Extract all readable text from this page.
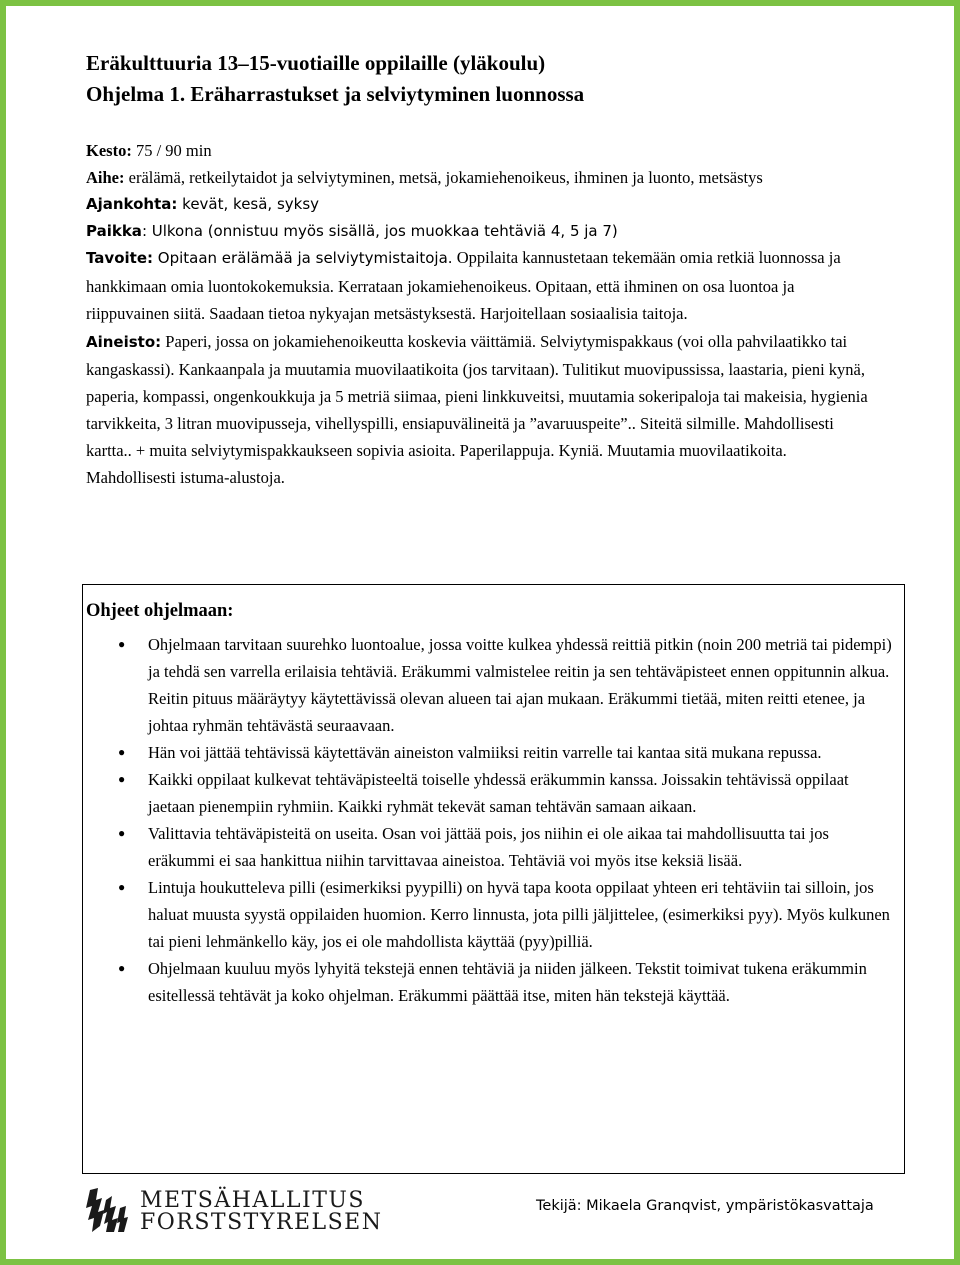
Eräkulttuuria 13–15-vuotiaille oppilaille (yläkoulu)
Ohjelma 1. Eräharrastukset ja selviytyminen luonnossa

Kesto: 75 / 90 min

Aihe: erälämä, retkeilytaidot ja selviytyminen, metsä, jokamiehenoikeus, ihminen ja luonto, metsästys

Ajankohta: kevät, kesä, syksy

Paikka: Ulkona (onnistuu myös sisällä, jos muokkaa tehtäviä 4, 5 ja 7)

Tavoite: Opitaan erälämää ja selviytymistaitoja. Oppilaita kannustetaan tekemään omia retkiä luonnossa ja hankkimaan omia luontokokemuksia. Kerrataan jokamiehenoikeus. Opitaan, että ihminen on osa luontoa ja riippuvainen siitä. Saadaan tietoa nykyajan metsästyksestä. Harjoitellaan sosiaalisia taitoja.

Aineisto: Paperi, jossa on jokamiehenoikeutta koskevia väittämiä. Selviytymispakkaus (voi olla pahvilaatikko tai kangaskassi). Kankaanpala ja muutamia muovilaatikoita (jos tarvitaan). Tulitikut muovipussissa, laastaria, pieni kynä, paperia, kompassi, ongenkoukkuja ja 5 metriä siimaa, pieni linkkuveitsi, muutamia sokeripaloja tai makeisia, hygienia tarvikkeita, 3 litran muovipusseja, vihellyspilli, ensiapuvälineitä ja ”avaruuspeite”.. Siteitä silmille. Mahdollisesti kartta.. + muita selviytymispakkaukseen sopivia asioita. Paperilappuja. Kyniä. Muutamia muovilaatikoita. Mahdollisesti istuma-alustoja.

Ohjeet ohjelmaan:
● Ohjelmaan tarvitaan suurehko luontoalue, jossa voitte kulkea yhdessä reittiä pitkin (noin 200 metriä tai pidempi) ja tehdä sen varrella erilaisia tehtäviä. Eräkummi valmistelee reitin ja sen tehtäväpisteet ennen oppitunnin alkua. Reitin pituus määräytyy käytettävissä olevan alueen tai ajan mukaan. Eräkummi tietää, miten reitti etenee, ja johtaa ryhmän tehtävästä seuraavaan.
● Hän voi jättää tehtävissä käytettävän aineiston valmiiksi reitin varrelle tai kantaa sitä mukana repussa.
● Kaikki oppilaat kulkevat tehtäväpisteeltä toiselle yhdessä eräkummin kanssa. Joissakin tehtävissä oppilaat jaetaan pienempiin ryhmiin. Kaikki ryhmät tekevät saman tehtävän samaan aikaan.
● Valittavia tehtäväpisteitä on useita. Osan voi jättää pois, jos niihin ei ole aikaa tai mahdollisuutta tai jos eräkummi ei saa hankittua niihin tarvittavaa aineistoa. Tehtäviä voi myös itse keksiä lisää.
● Lintuja houkutteleva pilli (esimerkiksi pyypilli) on hyvä tapa koota oppilaat yhteen eri tehtäviin tai silloin, jos haluat muusta syystä oppilaiden huomion. Kerro linnusta, jota pilli jäljittelee, (esimerkiksi pyy). Myös kulkunen tai pieni lehmänkello käy, jos ei ole mahdollista käyttää (pyy)pilliä.
● Ohjelmaan kuuluu myös lyhyitä tekstejä ennen tehtäviä ja niiden jälkeen. Tekstit toimivat tukena eräkummin esitellessä tehtävät ja koko ohjelman. Eräkummi päättää itse, miten hän tekstejä käyttää.
METSÄHALLITUS
FORSTSTYRELSEN
Tekijä: Mikaela Granqvist, ympäristökasvattaja
